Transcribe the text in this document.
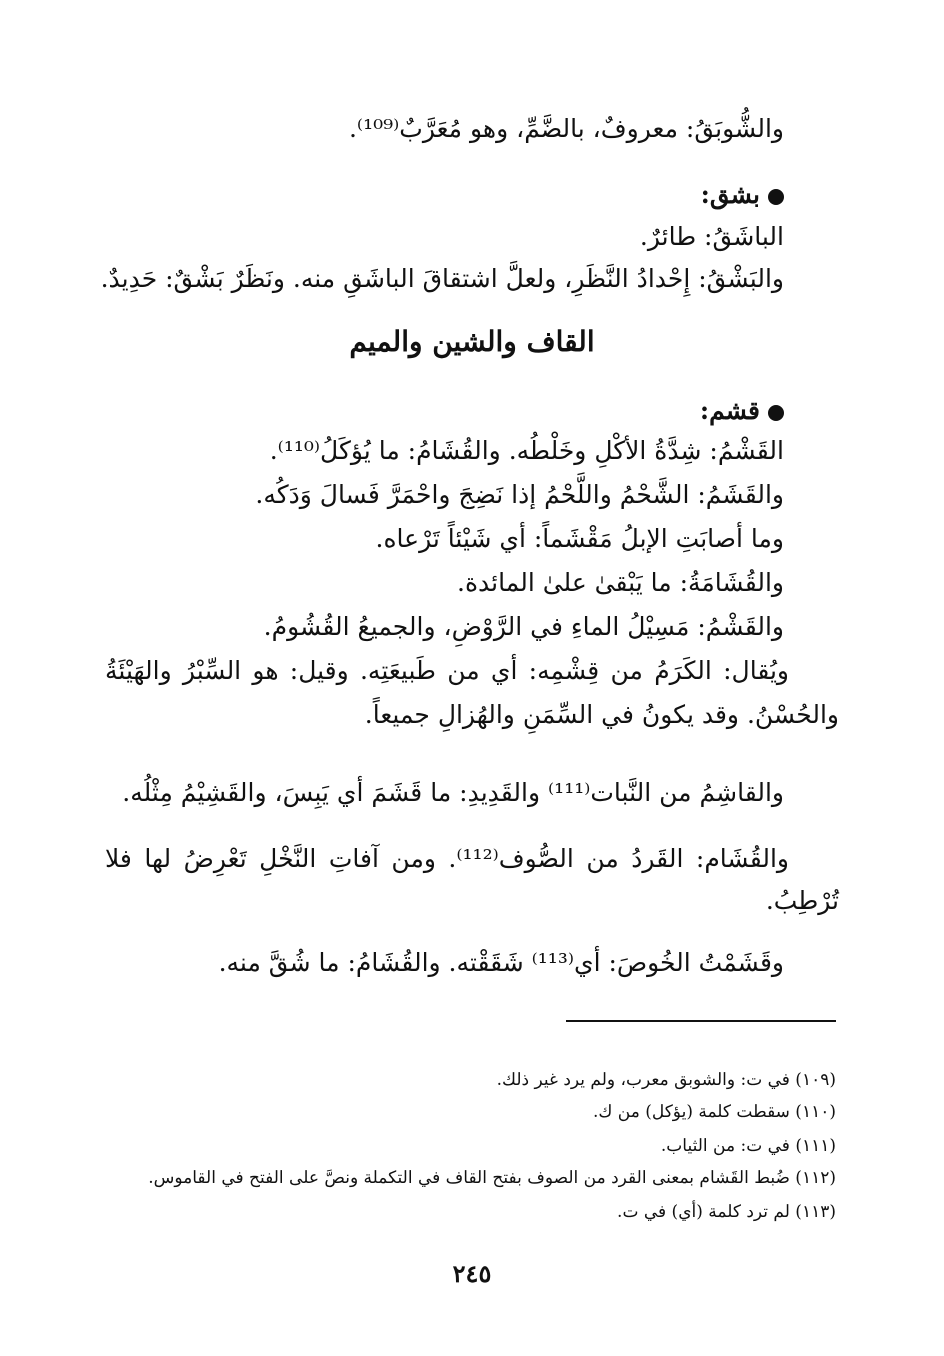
والشُّوبَقُ: معروفٌ، بالضَّمِّ، وهو مُعَرَّبٌ⁽¹⁰⁹⁾.
بشق:
الباشَقُ: طائرٌ.
والبَشْقُ: إِحْدادُ النَّظَرِ، ولعلَّ اشتقاقَ الباشَقِ منه. ونَظَرٌ بَشْقٌ: حَدِيدٌ.
القاف والشين والميم
قشم:
القَشْمُ: شِدَّةُ الأكْلِ وخَلْطُه. والقُشَامُ: ما يُؤكَلُ⁽¹¹⁰⁾.
والقَشَمُ: الشَّحْمُ واللَّحْمُ إذا نَضِجَ واحْمَرَّ فَسالَ وَدَكُه.
وما أصابَتِ الإبلُ مَقْشَماً: أي شَيْئاً تَرْعاه.
والقُشَامَةُ: ما يَبْقىٰ علىٰ المائدة.
والقَشْمُ: مَسِيْلُ الماءِ في الرَّوْضِ، والجميعُ القُشُومُ.
ويُقال: الكَرَمُ من قِشْمِه: أي من طَبيعَتِه. وقيل: هو السِّبْرُ والهَيْئَةُ
والحُسْنُ. وقد يكونُ في السِّمَنِ والهُزالِ جميعاً.
والقاشِمُ من النَّبات⁽¹¹¹⁾ والقَدِيدِ: ما قَشَمَ أي يَبِسَ، والقَشِيْمُ مِثْلُه.
والقُشَام: القَردُ من الصُّوف⁽¹¹²⁾. ومن آفاتِ النَّخْلِ تَعْرِضُ لها فلا
تُرْطِبُ.
وقَشَمْتُ الخُوصَ: أي⁽¹¹³⁾ شَقَقْته. والقُشَامُ: ما شُقَّ منه.
(١٠٩) في ت: والشوبق معرب، ولم يرد غير ذلك.
(١١٠) سقطت كلمة (يؤكل) من ك.
(١١١) في ت: من الثياب.
(١١٢) ضُبط القَشام بمعنى القرد من الصوف بفتح القاف في التكملة ونصَّ على الفتح في القاموس.
(١١٣) لم ترد كلمة (أي) في ت.
٢٤٥
